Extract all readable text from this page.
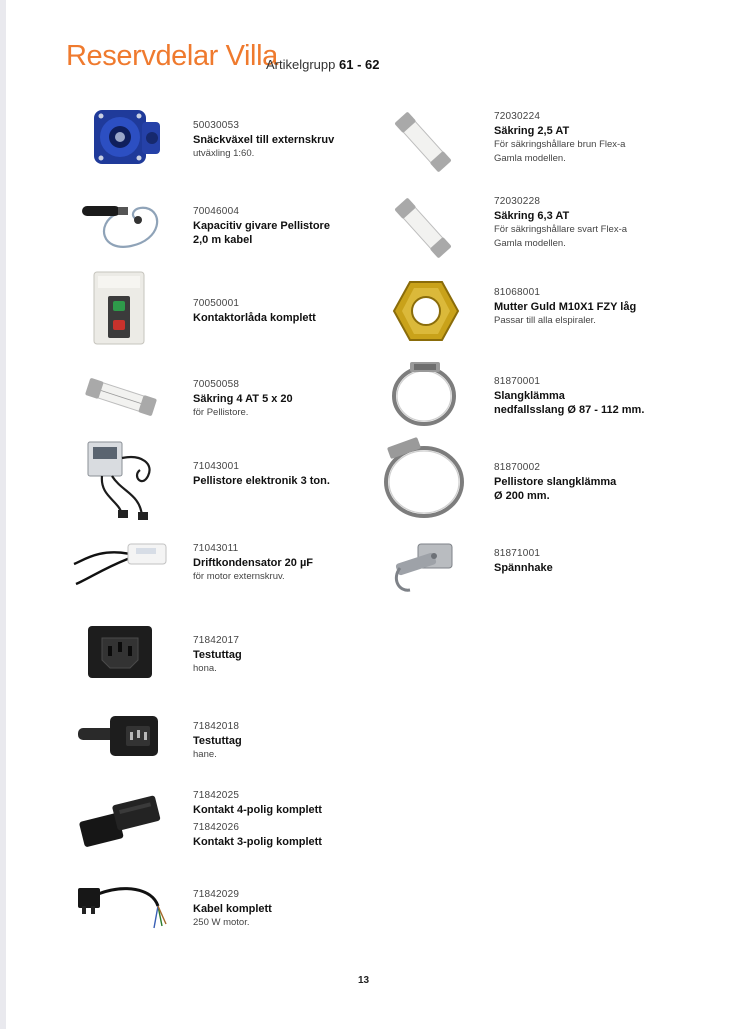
Reservdelar Villa
Artikelgrupp 61 - 62
50030053
Snäckväxel till externskruv
utväxling 1:60.
70046004
Kapacitiv givare Pellistore
2,0 m kabel
70050001
Kontaktorlåda komplett
70050058
Säkring 4 AT 5 x 20
för Pellistore.
71043001
Pellistore elektronik 3 ton.
71043011
Driftkondensator 20 µF
för motor externskruv.
71842017
Testuttag
hona.
71842018
Testuttag
hane.
71842025
Kontakt 4-polig komplett
71842026
Kontakt 3-polig komplett
71842029
Kabel komplett
250 W motor.
72030224
Säkring 2,5 AT
För säkringshållare brun Flex-a
Gamla modellen.
72030228
Säkring 6,3 AT
För säkringshållare svart Flex-a
Gamla modellen.
81068001
Mutter Guld M10X1 FZY låg
Passar till alla elspiraler.
81870001
Slangklämma
nedfallsslang Ø 87 - 112 mm.
81870002
Pellistore slangklämma
Ø 200 mm.
81871001
Spännhake
13
